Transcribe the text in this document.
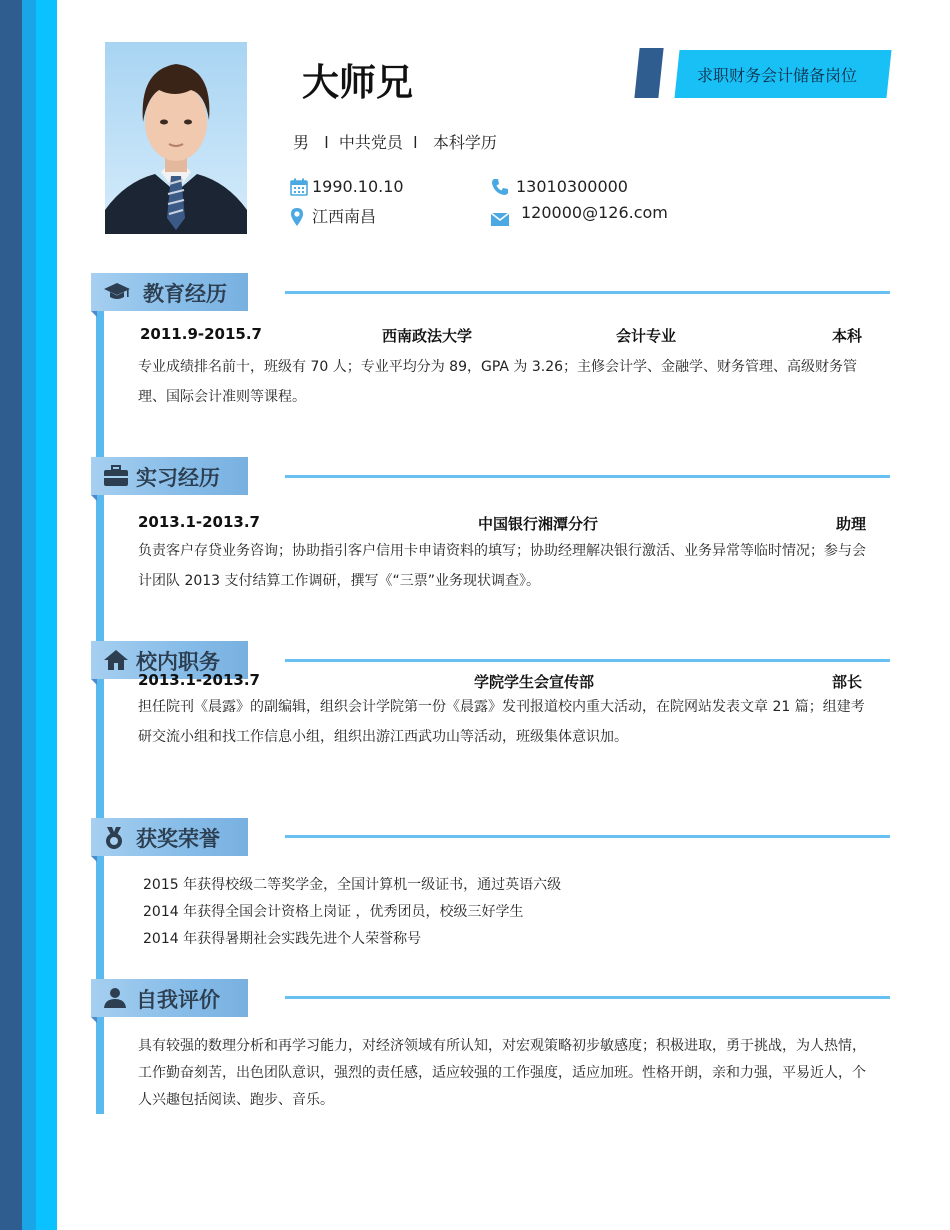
大师兄	求职财务会计储备岗位
男 l 中共党员 l 本科学历
1990.10.10	13010300000
江西南昌	120000@126.com
教育经历
2011.9-2015.7	西南政法大学	会计专业	本科
专业成绩排名前十，班级有 70 人；专业平均分为 89，GPA 为 3.26；主修会计学、金融学、财务管理、高级财务管理、国际会计准则等课程。
实习经历
2013.1-2013.7	中国银行湘潭分行	助理
负责客户存贷业务咨询；协助指引客户信用卡申请资料的填写；协助经理解决银行激活、业务异常等临时情况；参与会计团队 2013 支付结算工作调研，撰写《“三票”业务现状调查》。
校内职务
2013.1-2013.7	学院学生会宣传部	部长
担任院刊《晨露》的副编辑，组织会计学院第一份《晨露》发刊报道校内重大活动，在院网站发表文章 21 篇；组建考研交流小组和找工作信息小组，组织出游江西武功山等活动，班级集体意识加。
获奖荣誉
2015 年获得校级二等奖学金，全国计算机一级证书，通过英语六级
2014 年获得全国会计资格上岗证 ，优秀团员，校级三好学生
2014 年获得暑期社会实践先进个人荣誉称号
自我评价
具有较强的数理分析和再学习能力，对经济领域有所认知，对宏观策略初步敏感度；积极进取，勇于挑战，为人热情，工作勤奋刻苦，出色团队意识，强烈的责任感，适应较强的工作强度，适应加班。性格开朗，亲和力强，平易近人，个人兴趣包括阅读、跑步、音乐。
